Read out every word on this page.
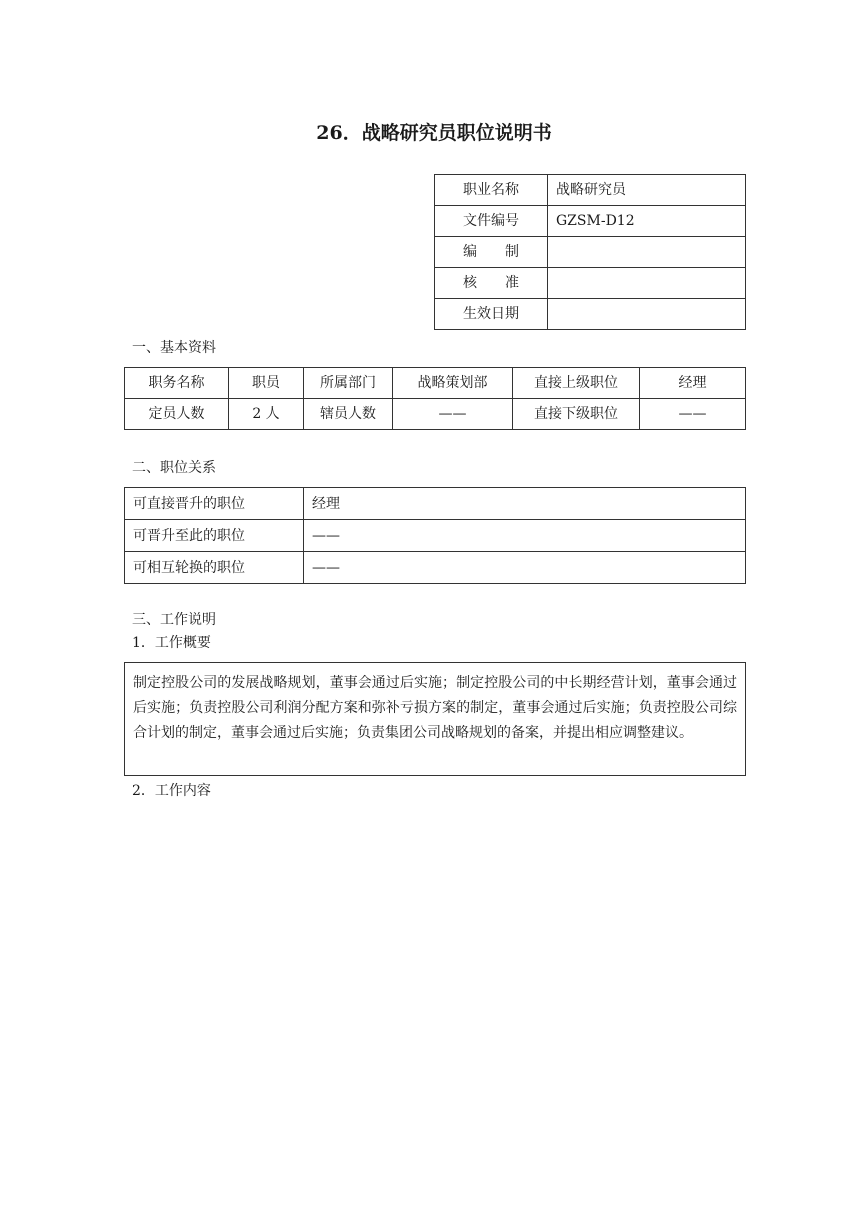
26．战略研究员职位说明书
职业名称	战略研究员
文件编号	GZSM-D12
编　　制	
核　　准	
生效日期	
一、基本资料
职务名称	职员	所属部门	战略策划部	直接上级职位	经理
定员人数	2 人	辖员人数	——	直接下级职位	——
二、职位关系
可直接晋升的职位	经理
可晋升至此的职位	——
可相互轮换的职位	——
三、工作说明
1．工作概要
制定控股公司的发展战略规划，董事会通过后实施；制定控股公司的中长期经营计划，董事会通过后实施；负责控股公司利润分配方案和弥补亏损方案的制定，董事会通过后实施；负责控股公司综合计划的制定，董事会通过后实施；负责集团公司战略规划的备案，并提出相应调整建议。
2．工作内容
